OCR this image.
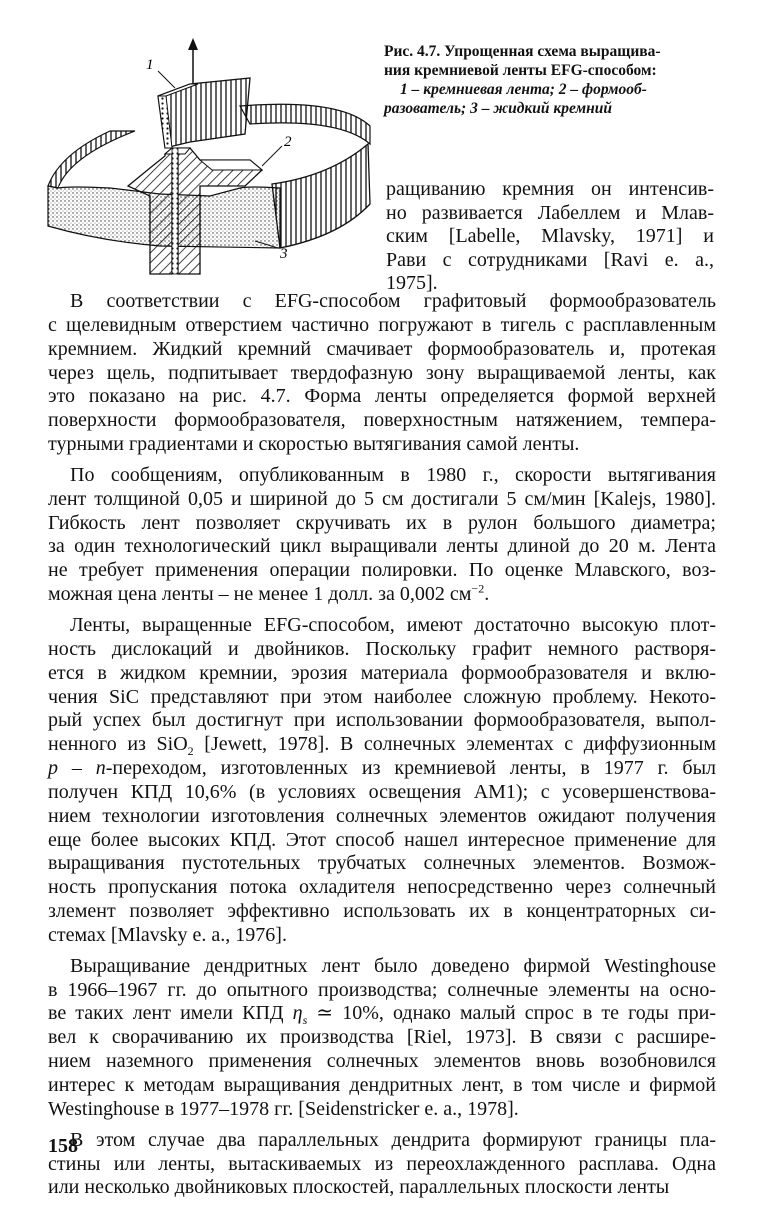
1
2
3
Рис. 4.7. Упрощенная схема выращива-
ния кремниевой ленты EFG-способом:
1 – кремниевая лента; 2 – формооб-
разователь; 3 – жидкий кремний
ращиванию кремния он интенсив-
но развивается Лабеллем и Млав-
ским [Labelle, Mlavsky, 1971] и
Рави с сотрудниками [Ravi e. a.,
1975].
В соответствии с EFG-способом графитовый формообразователь
с щелевидным отверстием частично погружают в тигель с расплавленным
кремнием. Жидкий кремний смачивает формообразователь и, протекая
через щель, подпитывает твердофазную зону выращиваемой ленты, как
это показано на рис. 4.7. Форма ленты определяется формой верхней
поверхности формообразователя, поверхностным натяжением, темпера-
турными градиентами и скоростью вытягивания самой ленты.
По сообщениям, опубликованным в 1980 г., скорости вытягивания
лент толщиной 0,05 и шириной до 5 см достигали 5 см/мин [Kalejs, 1980].
Гибкость лент позволяет скручивать их в рулон большого диаметра;
за один технологический цикл выращивали ленты длиной до 20 м. Лента
не требует применения операции полировки. По оценке Млавского, воз-
можная цена ленты – не менее 1 долл. за 0,002 $см^{-2}$.
Ленты, выращенные EFG-способом, имеют достаточно высокую плот-
ность дислокаций и двойников. Поскольку графит немного растворя-
ется в жидком кремнии, эрозия материала формообразователя и вклю-
чения SiC представляют при этом наиболее сложную проблему. Некото-
рый успех был достигнут при использовании формообразователя, выпол-
ненного из SiO$_2$ [Jewett, 1978]. В солнечных элементах с диффузионным
p – n-переходом, изготовленных из кремниевой ленты, в 1977 г. был
получен КПД 10,6% (в условиях освещения AM1); с усовершенствова-
нием технологии изготовления солнечных элементов ожидают получения
еще более высоких КПД. Этот способ нашел интересное применение для
выращивания пустотельных трубчатых солнечных элементов. Возмож-
ность пропускания потока охладителя непосредственно через солнечный
злемент позволяет эффективно использовать их в концентраторных си-
стемах [Mlavsky e. a., 1976].
Выращивание дендритных лент было доведено фирмой Westinghouse
в 1966–1967 гг. до опытного производства; солнечные элементы на осно-
ве таких лент имели КПД $\eta_s$ ≃ 10%, однако малый спрос в те годы при-
вел к сворачиванию их производства [Riel, 1973]. В связи с расшире-
нием наземного применения солнечных элементов вновь возобновился
интерес к методам выращивания дендритных лент, в том числе и фирмой
Westinghouse в 1977–1978 гг. [Seidenstricker e. a., 1978].
В этом случае два параллельных дендрита формируют границы пла-
стины или ленты, вытаскиваемых из переохлажденного расплава. Одна
или несколько двойниковых плоскостей, параллельных плоскости ленты
158
